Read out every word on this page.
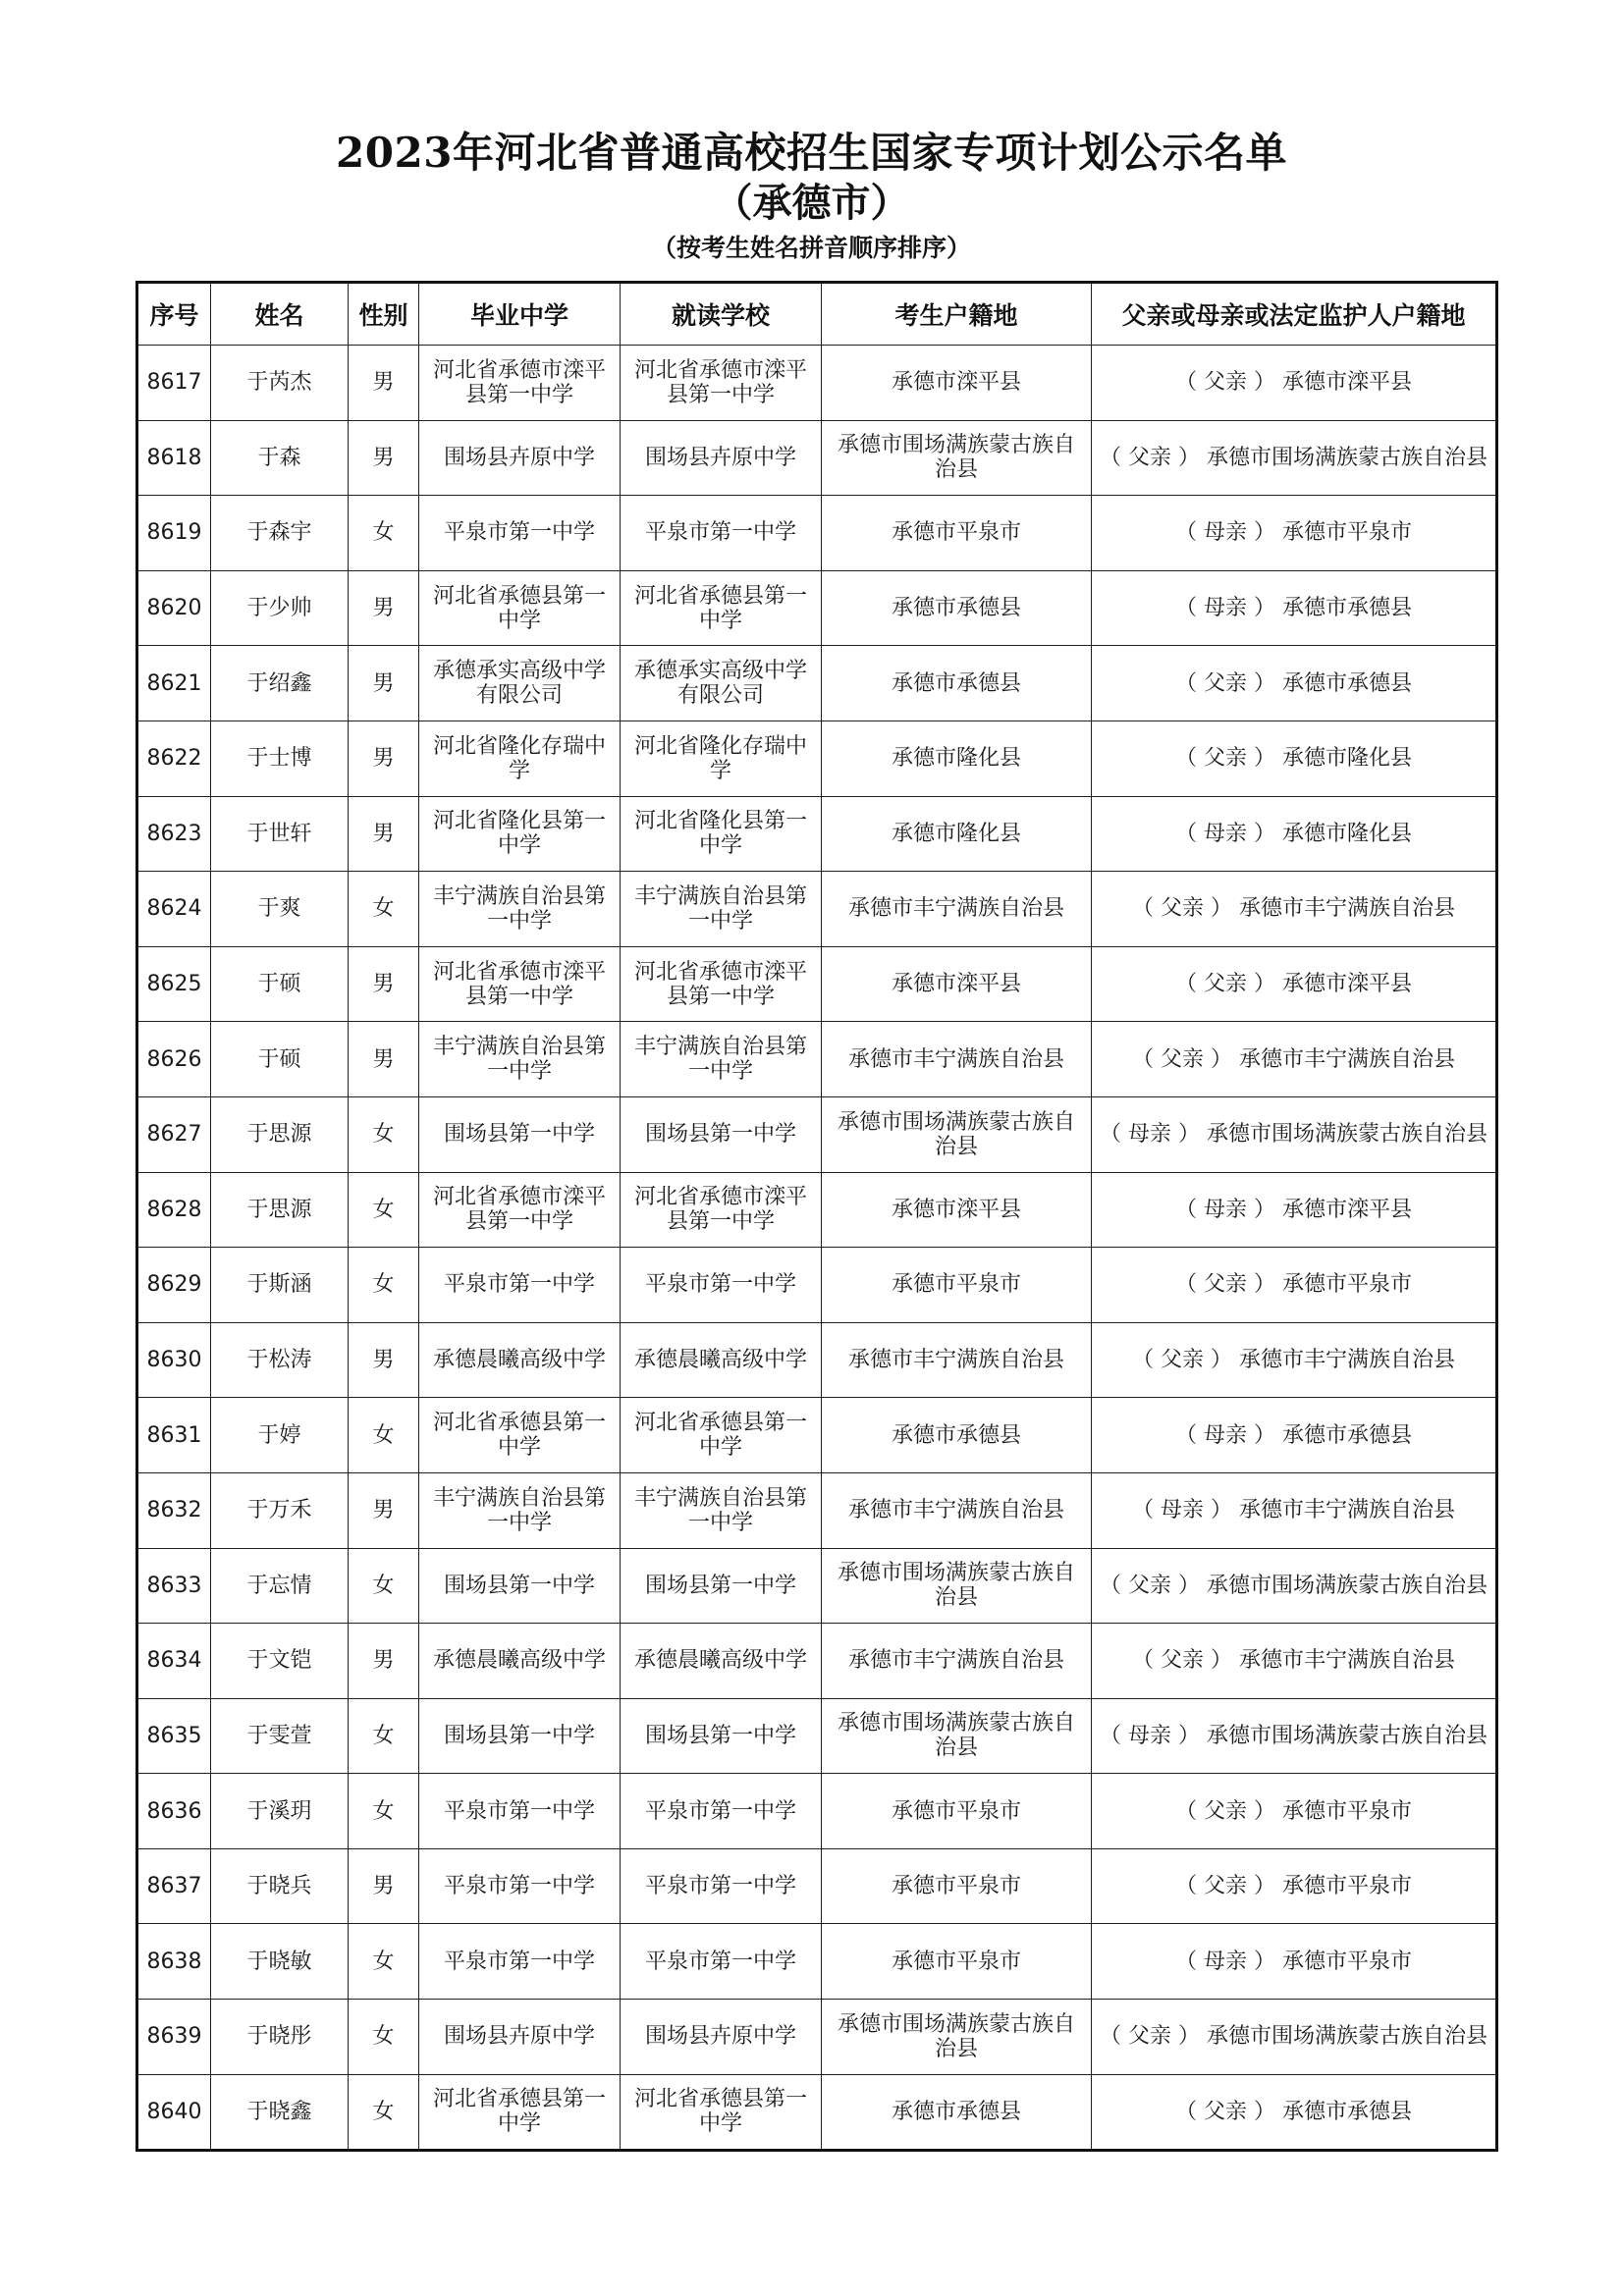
2023年河北省普通高校招生国家专项计划公示名单
（承德市）
（按考生姓名拼音顺序排序）
序号	姓名	性别	毕业中学	就读学校	考生户籍地	父亲或母亲或法定监护人户籍地
8617	于芮杰	男	河北省承德市滦平县第一中学	河北省承德市滦平县第一中学	承德市滦平县	（ 父亲 ） 承德市滦平县
8618	于森	男	围场县卉原中学	围场县卉原中学	承德市围场满族蒙古族自治县	（ 父亲 ） 承德市围场满族蒙古族自治县
8619	于森宇	女	平泉市第一中学	平泉市第一中学	承德市平泉市	（ 母亲 ） 承德市平泉市
8620	于少帅	男	河北省承德县第一中学	河北省承德县第一中学	承德市承德县	（ 母亲 ） 承德市承德县
8621	于绍鑫	男	承德承实高级中学有限公司	承德承实高级中学有限公司	承德市承德县	（ 父亲 ） 承德市承德县
8622	于士博	男	河北省隆化存瑞中学	河北省隆化存瑞中学	承德市隆化县	（ 父亲 ） 承德市隆化县
8623	于世轩	男	河北省隆化县第一中学	河北省隆化县第一中学	承德市隆化县	（ 母亲 ） 承德市隆化县
8624	于爽	女	丰宁满族自治县第一中学	丰宁满族自治县第一中学	承德市丰宁满族自治县	（ 父亲 ） 承德市丰宁满族自治县
8625	于硕	男	河北省承德市滦平县第一中学	河北省承德市滦平县第一中学	承德市滦平县	（ 父亲 ） 承德市滦平县
8626	于硕	男	丰宁满族自治县第一中学	丰宁满族自治县第一中学	承德市丰宁满族自治县	（ 父亲 ） 承德市丰宁满族自治县
8627	于思源	女	围场县第一中学	围场县第一中学	承德市围场满族蒙古族自治县	（ 母亲 ） 承德市围场满族蒙古族自治县
8628	于思源	女	河北省承德市滦平县第一中学	河北省承德市滦平县第一中学	承德市滦平县	（ 母亲 ） 承德市滦平县
8629	于斯涵	女	平泉市第一中学	平泉市第一中学	承德市平泉市	（ 父亲 ） 承德市平泉市
8630	于松涛	男	承德晨曦高级中学	承德晨曦高级中学	承德市丰宁满族自治县	（ 父亲 ） 承德市丰宁满族自治县
8631	于婷	女	河北省承德县第一中学	河北省承德县第一中学	承德市承德县	（ 母亲 ） 承德市承德县
8632	于万禾	男	丰宁满族自治县第一中学	丰宁满族自治县第一中学	承德市丰宁满族自治县	（ 母亲 ） 承德市丰宁满族自治县
8633	于忘情	女	围场县第一中学	围场县第一中学	承德市围场满族蒙古族自治县	（ 父亲 ） 承德市围场满族蒙古族自治县
8634	于文铠	男	承德晨曦高级中学	承德晨曦高级中学	承德市丰宁满族自治县	（ 父亲 ） 承德市丰宁满族自治县
8635	于雯萱	女	围场县第一中学	围场县第一中学	承德市围场满族蒙古族自治县	（ 母亲 ） 承德市围场满族蒙古族自治县
8636	于溪玥	女	平泉市第一中学	平泉市第一中学	承德市平泉市	（ 父亲 ） 承德市平泉市
8637	于晓兵	男	平泉市第一中学	平泉市第一中学	承德市平泉市	（ 父亲 ） 承德市平泉市
8638	于晓敏	女	平泉市第一中学	平泉市第一中学	承德市平泉市	（ 母亲 ） 承德市平泉市
8639	于晓彤	女	围场县卉原中学	围场县卉原中学	承德市围场满族蒙古族自治县	（ 父亲 ） 承德市围场满族蒙古族自治县
8640	于晓鑫	女	河北省承德县第一中学	河北省承德县第一中学	承德市承德县	（ 父亲 ） 承德市承德县
